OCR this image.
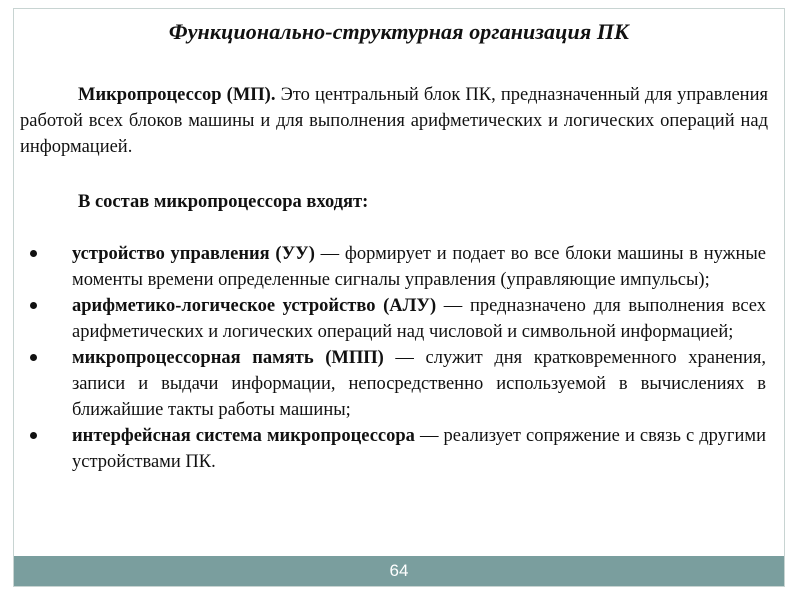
Функционально-структурная организация ПК
Микропроцессор (МП). Это центральный блок ПК, предназначенный для управления работой всех блоков машины и для выполнения арифметических и логических операций над информацией.
В состав микропроцессора входят:
устройство управления (УУ) — формирует и подает во все блоки машины в нужные моменты времени определенные сигналы управления (управляющие импульсы);
арифметико-логическое устройство (АЛУ) — предназначено для выполнения всех арифметических и логических операций над числовой и символьной информацией;
микропроцессорная память (МПП) — служит дня кратковременного хранения, записи и выдачи информации, непосредственно используемой в вычислениях в ближайшие такты работы машины;
интерфейсная система микропроцессора — реализует сопряжение и связь с другими устройствами ПК.
64
